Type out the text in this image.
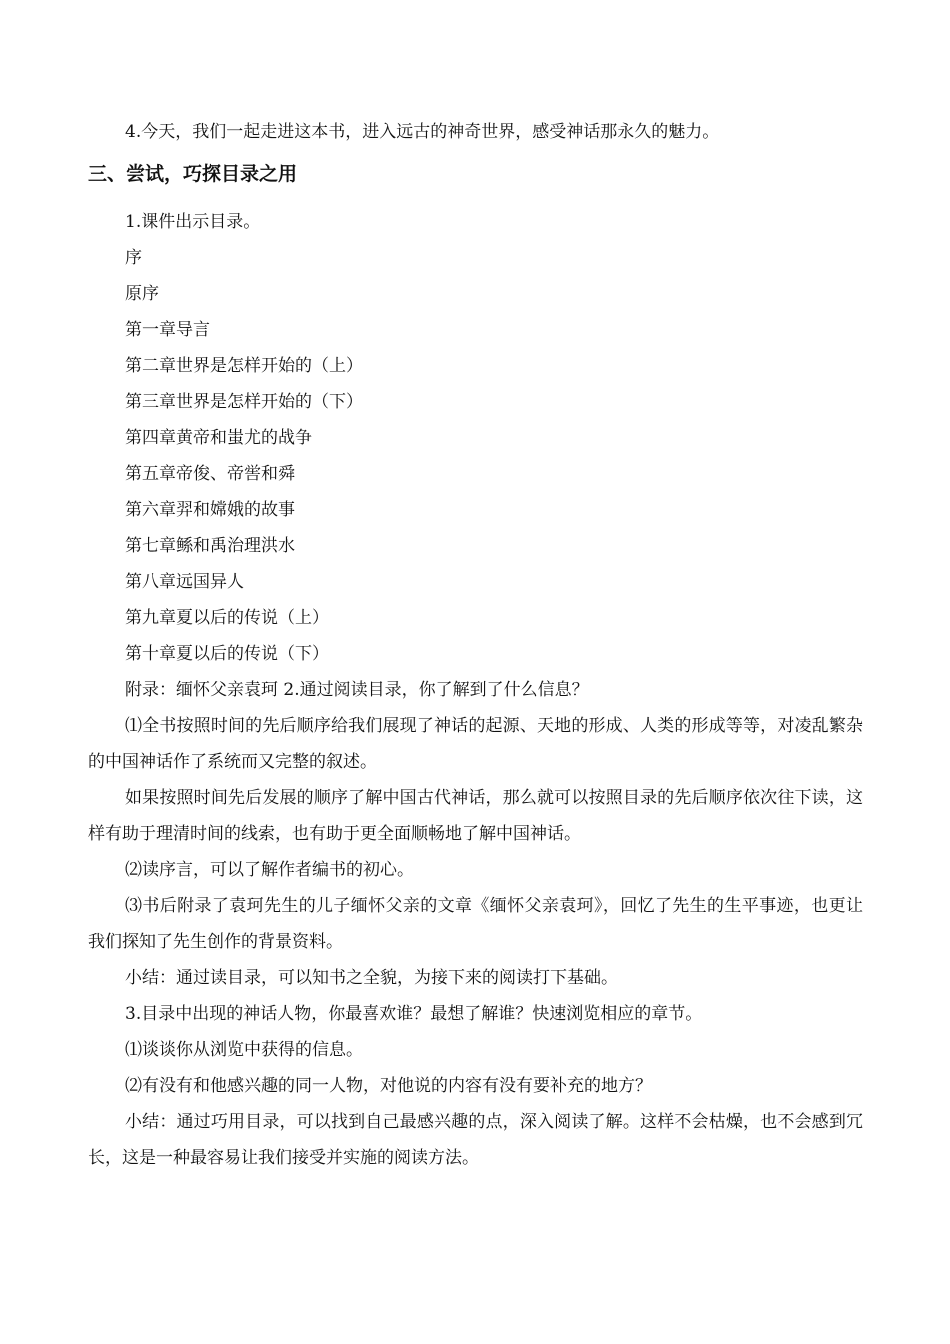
4.今天，我们一起走进这本书，进入远古的神奇世界，感受神话那永久的魅力。

三、尝试，巧探目录之用

1.课件出示目录。

序

原序

第一章导言

第二章世界是怎样开始的（上）

第三章世界是怎样开始的（下）

第四章黄帝和蚩尤的战争

第五章帝俊、帝喾和舜

第六章羿和嫦娥的故事

第七章鲧和禹治理洪水

第八章远国异人

第九章夏以后的传说（上）

第十章夏以后的传说（下）

附录：缅怀父亲袁珂 2.通过阅读目录，你了解到了什么信息？

⑴全书按照时间的先后顺序给我们展现了神话的起源、天地的形成、人类的形成等等，对凌乱繁杂的中国神话作了系统而又完整的叙述。

如果按照时间先后发展的顺序了解中国古代神话，那么就可以按照目录的先后顺序依次往下读，这样有助于理清时间的线索，也有助于更全面顺畅地了解中国神话。

⑵读序言，可以了解作者编书的初心。

⑶书后附录了袁珂先生的儿子缅怀父亲的文章《缅怀父亲袁珂》，回忆了先生的生平事迹，也更让我们探知了先生创作的背景资料。

小结：通过读目录，可以知书之全貌，为接下来的阅读打下基础。

3.目录中出现的神话人物，你最喜欢谁？最想了解谁？快速浏览相应的章节。

⑴谈谈你从浏览中获得的信息。

⑵有没有和他感兴趣的同一人物，对他说的内容有没有要补充的地方？

小结：通过巧用目录，可以找到自己最感兴趣的点，深入阅读了解。这样不会枯燥，也不会感到冗长，这是一种最容易让我们接受并实施的阅读方法。
